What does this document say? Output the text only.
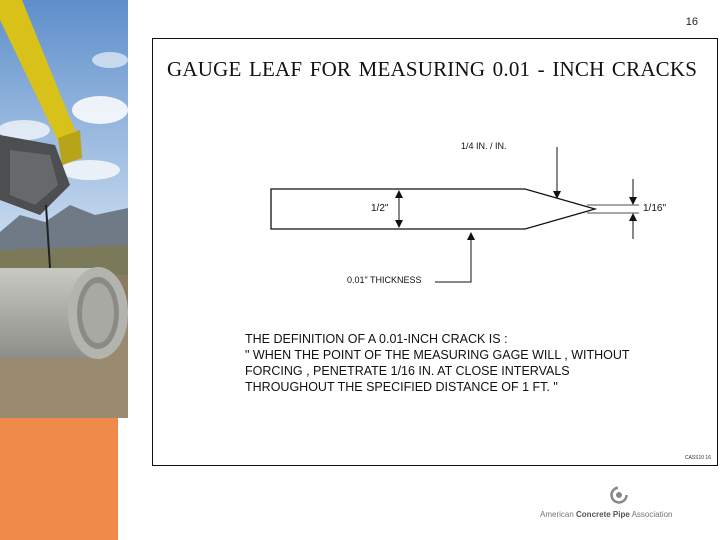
16
GAUGE LEAF FOR MEASURING 0.01 - INCH CRACKS
1/4 IN. / IN.
1/2"	1/16"
0.01" THICKNESS
THE DEFINITION OF A 0.01-INCH CRACK IS :
" WHEN THE POINT OF THE MEASURING GAGE WILL , WITHOUT
FORCING , PENETRATE 1/16 IN. AT CLOSE INTERVALS
THROUGHOUT THE SPECIFIED DISTANCE OF 1 FT. "
CASS10 16
American Concrete Pipe Association
